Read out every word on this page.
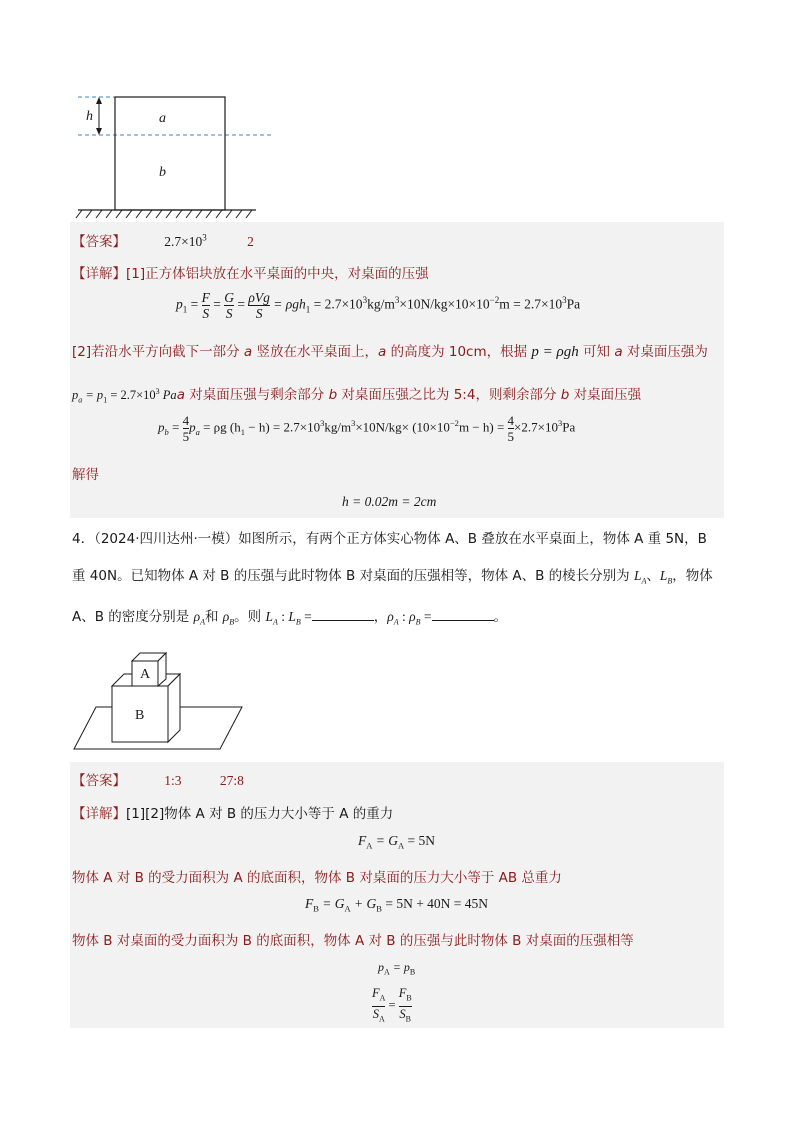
h	a
b
【答案】	$2.7\times 10^3$	2
【详解】[1]正方体铝块放在水平桌面的中央，对桌面的压强
$p_1 = \frac{F}{S} = \frac{G}{S} = \frac{\text{ρVg}}{S} = \rho gh_1 = 2.7\times 10^3kg/m^3\times 10N/kg\times 10\times 10^{-2}m = 2.7\times 10^3Pa$
[2]若沿水平方向截下一部分 a 竖放在水平桌面上，a 的高度为 10cm，根据 p = ρgh 可知 a 对桌面压强为
$p_a = p_1 = 2.7\times 10^3$ Paa 对桌面压强与剩余部分 b 对桌面压强之比为 5:4，则剩余部分 b 对桌面压强
$p_b = \frac{4}{5} p_a = \rho g$ $(h_1 - h) = 2.7\times 10^3kg/m^3\times 10N/kg\times (10\times 10^{-2}m - h) = \frac{4}{5} \times 2.7\times 10^3Pa$
解得
h = 0.02m = 2cm
4．（2024·四川达州·一模）如图所示，有两个正方体实心物体 A、B 叠放在水平桌面上，物体 A 重 5N，B
重 40N。已知物体 A 对 B 的压强与此时物体 B 对桌面的压强相等，物体 A、B 的棱长分别为 $L_A$、$L_B$，物体
A、B 的密度分别是 $\rho_A$和 $\rho_B$。则 $L_A$ : $L_B$ =	，$\rho_A$ : $\rho_B$ =	。
A
B
【答案】	1:3	27:8
【详解】[1][2]物体 A 对 B 的压力大小等于 A 的重力
$F_A = G_A = 5N$
物体 A 对 B 的受力面积为 A 的底面积，物体 B 对桌面的压力大小等于 AB 总重力
$F_B = G_A + G_B = 5N + 40N = 45N$
物体 B 对桌面的受力面积为 B 的底面积，物体 A 对 B 的压强与此时物体 B 对桌面的压强相等
$p_A = p_B$
$\frac{F_A}{S_A} = \frac{F_B}{S_B}$
